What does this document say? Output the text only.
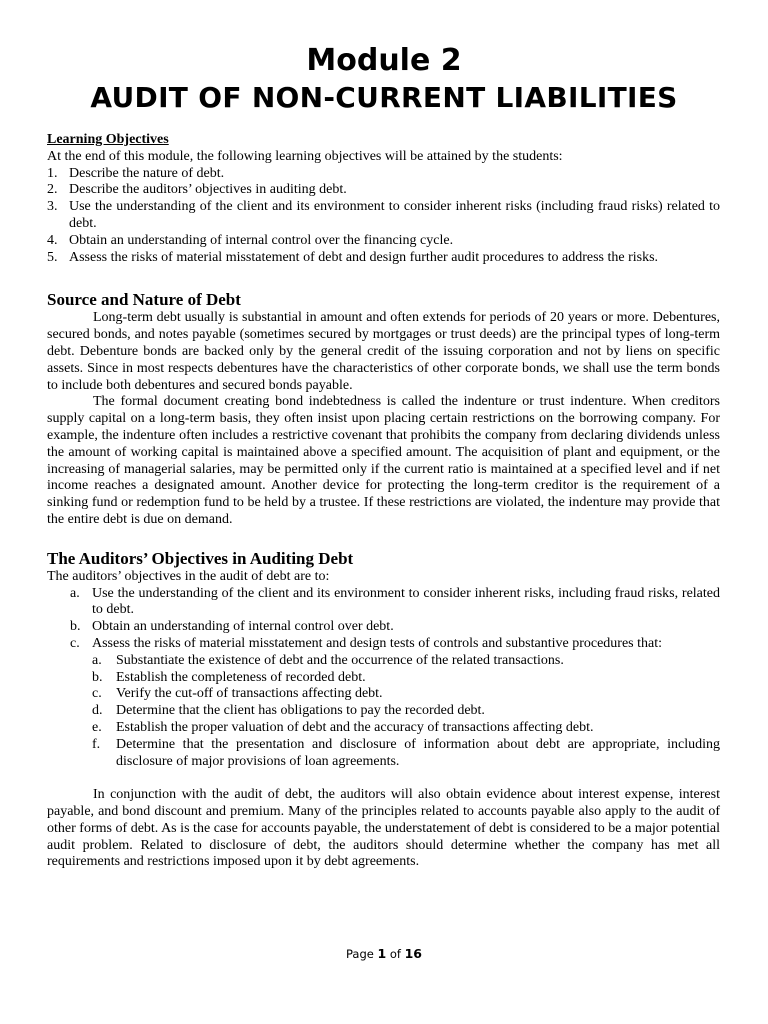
Module 2
AUDIT OF NON-CURRENT LIABILITIES
Learning Objectives

At the end of this module, the following learning objectives will be attained by the students:

1. Describe the nature of debt.
2. Describe the auditors’ objectives in auditing debt.
3. Use the understanding of the client and its environment to consider inherent risks (including fraud risks) related to debt.
4. Obtain an understanding of internal control over the financing cycle.
5. Assess the risks of material misstatement of debt and design further audit procedures to address the risks.
Source and Nature of Debt

Long-term debt usually is substantial in amount and often extends for periods of 20 years or more. Debentures, secured bonds, and notes payable (sometimes secured by mortgages or trust deeds) are the principal types of long-term debt. Debenture bonds are backed only by the general credit of the issuing corporation and not by liens on specific assets. Since in most respects debentures have the characteristics of other corporate bonds, we shall use the term bonds to include both debentures and secured bonds payable.

The formal document creating bond indebtedness is called the indenture or trust indenture. When creditors supply capital on a long-term basis, they often insist upon placing certain restrictions on the borrowing company. For example, the indenture often includes a restrictive covenant that prohibits the company from declaring dividends unless the amount of working capital is maintained above a specified amount. The acquisition of plant and equipment, or the increasing of managerial salaries, may be permitted only if the current ratio is maintained at a specified level and if net income reaches a designated amount. Another device for protecting the long-term creditor is the requirement of a sinking fund or redemption fund to be held by a trustee. If these restrictions are violated, the indenture may provide that the entire debt is due on demand.

The Auditors’ Objectives in Auditing Debt

The auditors’ objectives in the audit of debt are to:

a. Use the understanding of the client and its environment to consider inherent risks, including fraud risks, related to debt.
b. Obtain an understanding of internal control over debt.
c. Assess the risks of material misstatement and design tests of controls and substantive procedures that:
a. Substantiate the existence of debt and the occurrence of the related transactions.
b. Establish the completeness of recorded debt.
c. Verify the cut-off of transactions affecting debt.
d. Determine that the client has obligations to pay the recorded debt.
e. Establish the proper valuation of debt and the accuracy of transactions affecting debt.
f. Determine that the presentation and disclosure of information about debt are appropriate, including disclosure of major provisions of loan agreements.

In conjunction with the audit of debt, the auditors will also obtain evidence about interest expense, interest payable, and bond discount and premium. Many of the principles related to accounts payable also apply to the audit of other forms of debt. As is the case for accounts payable, the understatement of debt is considered to be a major potential audit problem. Related to disclosure of debt, the auditors should determine whether the company has met all requirements and restrictions imposed upon it by debt agreements.

Page 1 of 16
